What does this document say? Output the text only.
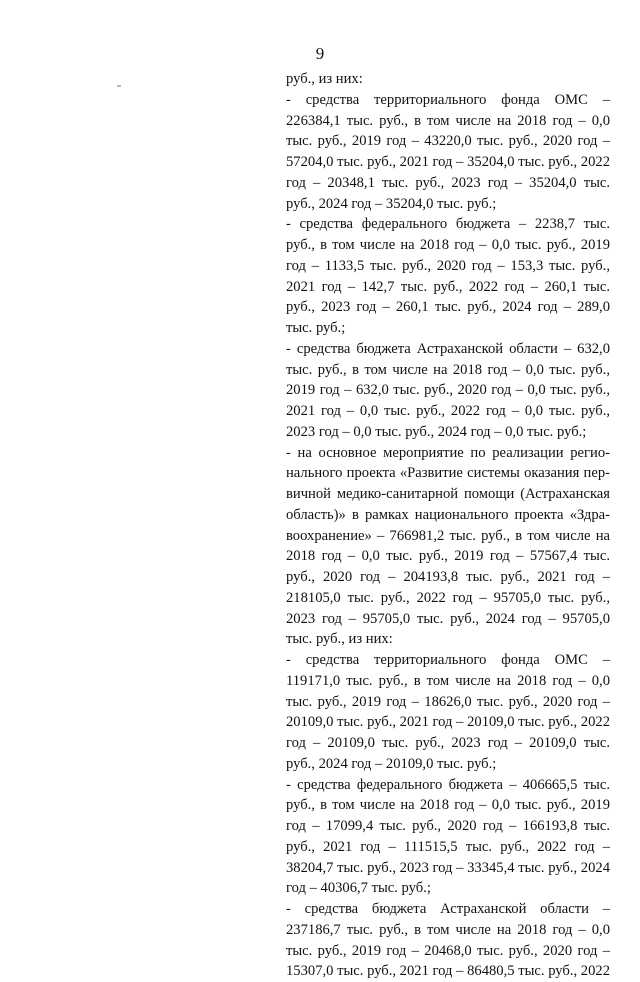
9
руб., из них:
- средства территориального фонда ОМС –
226384,1 тыс. руб., в том числе на 2018 год – 0,0
тыс. руб., 2019 год – 43220,0 тыс. руб., 2020 год –
57204,0 тыс. руб., 2021 год – 35204,0 тыс. руб., 2022
год – 20348,1 тыс. руб., 2023 год – 35204,0 тыс.
руб., 2024 год – 35204,0 тыс. руб.;
- средства федерального бюджета – 2238,7 тыс.
руб., в том числе на 2018 год – 0,0 тыс. руб., 2019
год – 1133,5 тыс. руб., 2020 год – 153,3 тыс. руб.,
2021 год – 142,7 тыс. руб., 2022 год – 260,1 тыс.
руб., 2023 год – 260,1 тыс. руб., 2024 год – 289,0
тыс. руб.;
- средства бюджета Астраханской области – 632,0
тыс. руб., в том числе на 2018 год – 0,0 тыс. руб.,
2019 год – 632,0 тыс. руб., 2020 год – 0,0 тыс. руб.,
2021 год – 0,0 тыс. руб., 2022 год – 0,0 тыс. руб.,
2023 год – 0,0 тыс. руб., 2024 год – 0,0 тыс. руб.;
- на основное мероприятие по реализации регио-
нального проекта «Развитие системы оказания пер-
вичной медико-санитарной помощи (Астраханская
область)» в рамках национального проекта «Здра-
воохранение» – 766981,2 тыс. руб., в том числе на
2018 год – 0,0 тыс. руб., 2019 год – 57567,4 тыс.
руб., 2020 год – 204193,8 тыс. руб., 2021 год –
218105,0 тыс. руб., 2022 год – 95705,0 тыс. руб.,
2023 год – 95705,0 тыс. руб., 2024 год – 95705,0
тыс. руб., из них:
- средства территориального фонда ОМС –
119171,0 тыс. руб., в том числе на 2018 год – 0,0
тыс. руб., 2019 год – 18626,0 тыс. руб., 2020 год –
20109,0 тыс. руб., 2021 год – 20109,0 тыс. руб., 2022
год – 20109,0 тыс. руб., 2023 год – 20109,0 тыс.
руб., 2024 год – 20109,0 тыс. руб.;
- средства федерального бюджета – 406665,5 тыс.
руб., в том числе на 2018 год – 0,0 тыс. руб., 2019
год – 17099,4 тыс. руб., 2020 год – 166193,8 тыс.
руб., 2021 год – 111515,5 тыс. руб., 2022 год –
38204,7 тыс. руб., 2023 год – 33345,4 тыс. руб., 2024
год – 40306,7 тыс. руб.;
- средства бюджета Астраханской области –
237186,7 тыс. руб., в том числе на 2018 год – 0,0
тыс. руб., 2019 год – 20468,0 тыс. руб., 2020 год –
15307,0 тыс. руб., 2021 год – 86480,5 тыс. руб., 2022
